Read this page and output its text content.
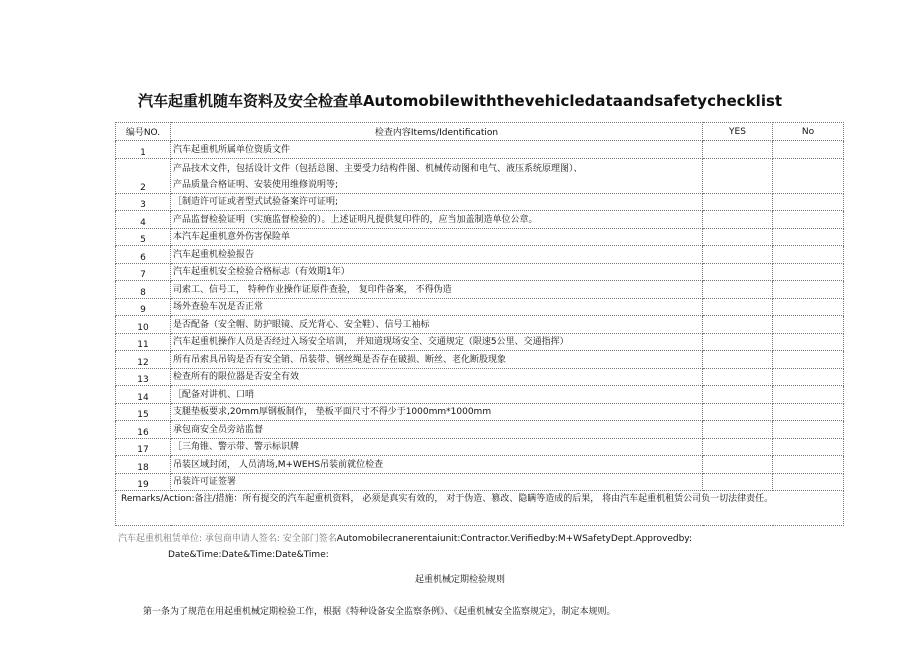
汽车起重机随车资料及安全检查单Automobilewiththevehicledataandsafetychecklist
编号NO.	检查内容Items/Identification	YES	No
1	汽车起重机所属单位资质文件		

2	产品技术文件，包括设计文件（包括总图、主要受力结构件图、机械传动图和电气、液压系统原理图）、
产品质量合格证明、安装使用维修说明等;		

3	［制造许可证或者型式试验备案许可证明;		

4	产品监督检验证明（实施监督检验的）。上述证明凡提供复印件的，应当加盖制造单位公章。		

5	本汽车起重机意外伤害保险单		

6	汽车起重机检验报告		

7	汽车起重机安全检验合格标志（有效期1年）		

8	司索工、信号工， 特种作业操作证原件查验， 复印件备案， 不得伪造		

9	场外查验车况是否正常		

10	是否配备（安全帽、防护眼镜、反光背心、安全鞋）、信号工袖标		

11	汽车起重机操作人员是否经过入场安全培训， 并知道现场安全、交通规定（限速5公里、交通指挥）		

12	所有吊索具吊钩是否有安全销、吊装带、钢丝绳是否存在破损、断丝、老化断股现象		

13	检查所有的限位器是否安全有效		

14	［配备对讲机、口哨		

15	支腿垫板要求,20mm厚钢板制作， 垫板平面尺寸不得少于1000mm*1000mm		

16	承包商安全员旁站监督		

17	［三角锥、警示带、警示标识牌		

18	吊装区域封闭， 人员清场,M+WEHS吊装前就位检查		

19	吊装许可证签署		

Remarks/Action:备注/措施：所有提交的汽车起重机资料， 必须是真实有效的， 对于伪造、篡改、隐瞒等造成的后果， 将由汽车起重机租赁公司负一切法律责任。			
汽车起重机租赁单位: 承包商申请人签名: 安全部门签名Automobilecranerentaiunit:Contractor.Verifiedby:M+WSafetyDept.Approvedby:
Date&Time:Date&Time:Date&Time:
起重机械定期检验规则
第一条为了规范在用起重机械定期检验工作，根据《特种设备安全监察条例》、《起重机械安全监察规定》，制定本规则。
